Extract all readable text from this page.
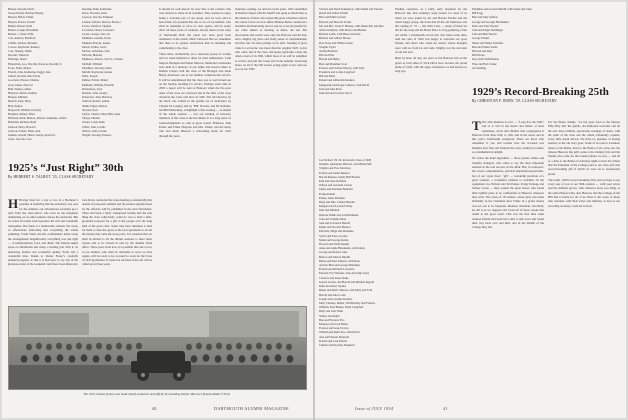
Barnes, Seward, Davis
Seward Davis, Barbara Hosley
Barnett, Elliott, Fisher
Barnett, Robert, Ferrell
Barker, Robert, Kehl
Barber, Joseph, Brassfield
Barnes, J. Stuart, Ellis
Carr, Andrew, Bradford
Claflin, Sandon, Burdette
Corson, Raymond, Ramsey
Cole, Stanley, Smith
Decatur, Thurston
Eldredge, Stuart
Fitzpatrick, Leo, Dorothy, Parsons, Dorothy Jr.
Foote, Ernst, Manor
French, John, Katherine, Peggy, Jane
Gilbert, Roland, Mae Davis
Goodwin, Eleanor, Dunbar
Gray, James, Prescott
Hall, Stanley, James
Harrison, Harris, Pauline
Heaney, Mildred
Herrick, Paul, Mary
Hoit, Eunice
Hopewell, William, Dorothy
Hopkins, Sidney, Ethel
Hubbard, Ruth, Marion, Allison, Stephanie, Alfred
Hutchins, Richard, Ruth
Jackson, Mary, Howard
Jackson, Fannie, Ellen, Ann
Jenkins, Arnold, Helen, Sandy, Arnold Jr.
Jones, Lincoln, Joan

Kendale, Ruth, Katherine
Knox, Florence, Peter
Lawson, Lincoln, Edmund
Lemon, Samuel, Marion, Eleanor
Lewis, Stanford, Virginia
Loveland, Glenn, Lawrence
Lyons, George, Vera, Al
Malkmel, Genelle, Doris
Malmed, Harold, Jeanne
March, Walter, Lucia
McGee, Sebastian, Jane
McLain, Blanche
Matthews, Robert, Vera Jr., Charles
McDuff, William
Merrihew, Dorothy, Dean
Merrill, Raymond, Jeanne
Neils, Joseph
Palmer, Edwin, Mabel
Pinkham, William, Priscilla
Richardson, Jerry
Roberts, John, Gladys
Robertson, Tom, Harrison
Sanford, Robert, Arthur
Smith, Edgar, Marion
Stevens, Kurt
Taylor, Charles, Mary Bell, Janie
Thayer, Herbert
Turner, Louis, Ruth
White, John, Lucille
Wilson, John, Lucille
Wright, Dorothy, Eleanor

1925’s “Just Right” 30th

By HERBERT S. TALBOT ’25, CLASS SECRETARY

H Having lived for a day or two in a Bachelor’s paradise of believing that the university was ours for the summer, our adventurous seventies got a taste from the slave-driver who sold us the magazine demanding on us other reunion classes the memories. But we noted all events with reproduce the rich and wonderful atmosphere that made it a memorable reunion, the scope of affectionate fellowship that everything the whole gathering. Frank Wells and his commanders made ready the arrangements magnificently everything was just right — accommodations, food, and drink. The famous naked spree on Dartmouth and many a leading part with it, its unnerving fashion and wonderful quality. Early and a wonderful time, thanks to Dealer Estaer’s carefully planned program, so that it is hard now to say any of the glorious events of the weekend could have been improved.

Jack Davis conducted the class meeting so masterfully that dozens of proposals outlined and the earnest appetite made by the officials will be published in the next Newsletter. There had been a fairly widespread feeling that the best thing the class collectively could do was to hold a firm-grounded proposal for a gift to the people over the long haul of the great class. Some may have mistaken a need for them to raise the quota as the total agreement to an aid the money that come the steep price. It is assumed that we shall be invited to all the thirties sessions to meet other classes and to be treated in turn by the Alumni Fund office. Three years from now, it is possible that one or two of our number, who shall be amenable to serve as class agents, will be ready to be crowned to work for the Class of 1925 graduation. It cannot be said that as the roll will be called up in those years.

It should be well known by now that at the reunion who were invited to share in all activities. They seemed to enjoy being a welcome part of our group, and we were glad to have them. It is possible that one or two of our number, who shall be amenable to serve as class agents, will be ready. After all these years of reunions, mostly taken on the steps of Dartmouth Hall, the photo has been good from attendance at the events which followed. But we remember that there is no greater satisfaction than in listening and contributing to the class.

These three, incidentally, are a tenacious group of women and we stand indebted to them for their enthusiastic, Lynn Meyers, Blodgett and Parker Merrow. Memorial ceremonies were held in a memory of our father and several others at Rollins Chapel with the class of the Blodgett and Dean Henry Anderson, one of our number conducted the service. It will be remembered that the class was so well turned out on the Sunday morning for service. Perhaps some time in 2000 a report will be sent to Hanover when the five-year dates of the class are reviewed and in the time of the class chronicle the Class will have its 50th. The Old Rowley by the Rock was written in the golden era of dedication by Charles M. Langley and by ‘Bill’ Stevens, and Ed Stebbins, and Bill McKenney. A highlight of the evening — as indeed of the whole reunion — was our naming of honorary members of the Class at the Inn dinner. It is a long series of acknowledgments as well as great events: Harrison, John Parker and Elmer Holyoke and Mrs. Walter, and the many who had made Hanover a welcoming home for 1925 through the years.

Saturday evening, we arrived on the patio, 1925 assembled in Rollins Chapel with the Sheriff and spent as much time as the memory of those who began this great adventure with us but whose voices are now stilled. Bishop Butler conducted a beautiful and heartening service and we were all grateful for our cellar shelter as relaxing as theirs, the sun. Bar decorations and events were only the Hanover and the Inn, and a mighty big place and living sense of companionship and fine fun. No more pledge we’re after. Nothing of great value for everyone was more than the original 1925. A few who came, met at the class, and spoke again like a man, the whole event of its 30th, which most of us will be delighted to revisit, and join the Green and in the autumn: bestowing honor on all of the Old Guard, young again at last. And see you on our 35th!

The 1925 reunion picture was made doubly authentic and official by including Parker Merrow’s famous Model T Ford
40	DARTMOUTH ALUMNI MAGAZINE

Victoria and Patch Templeton, with Daniel and Vincent
David and Walter Trimm
Bert and Edith Goforth
Edward and Howard Trotter
Mr. and Mrs. Verne F. Blasius, with Daniel Mr. and Mrs. Alfred Jackman, with Robert and Bennie
Barbara Lamb, with Hazel and Jean
Barbara and Gilbert Horner
Don Stone and Wilma Cruise
Vaughn Taylor
Archie Baldwin
Phil and Elsa
Harold and Helen
Bert and Madeline Scott
Frances and Charles Wilson, with Sally
Frederick and Lorine Langford
Bill and Betty
Roland and Lillian Richardson
Marguerite and Roger Johnson, with David
Tom and June Peck
Malcolm and Gordon Wood

Madeline and Gordon Merrill, with Susan and Janis
Bill Fogg
Bert and Sally Salinas
George and Georgia Bardzinski
Peter and Tom Vincent
John and Edgar Neidlinger
Linn and Ben Warren
George Walker
Merle and Walter Schirmer
Ben and Walter Steele
Edward and Amy
Phil Horan
Kay and Ed McKinnon
Elsie and Bob Clarke
Art Deming

Finding ourselves, as a fairly early breakfast for the Hanover Inn, that evening’s song leaders for most of us when we were joined by Art and Harriet Fischer and the whole happy group, the hosts had all the old memories and the coming of ‘25 — the 1929 Class — many of them we did for the song and the Bond. Here is a big gathering of the old rabbit, a Dartmouth record that will stand some time. And the class of 1929 was happy to welcome our good friends, and those who could not attend, whose thoughts were with us, from far and wide. Mighty was the welcome of old and new.

Blest by hour, all day, our place at the Hanover Inn on the green as both sides of Tuck Drive have become the proud home of 1929, with the eager classmates we had known so long ago.

1929’s Record-Breaking 25th

By CHRISTIAN F. BORN ’29, CLASS SECRETARY

Joe Nichols ’29, Dr. Rockwell, Class of 1929
Watkins, Alexander, Barbara, and Mabel Hall
Virginia and Foss Morrison
Francis and James Benson
Harold Manner, Sandy Bell Bonnie
Paul and Jane Dorfman
Wilson and Gertrude Carson
James and Sherman Benedict
Frank Aldrich
Elaine, Anne Sherman
Betty and Mrs. Charles Bendel
Margaret and Leonard Wiley
Max and Mildred
Duncan Walsh and Joan Burnham
John and Virginia Shaw
Sam and Lawrence Burrell
Ralph and Dorothy Benson
Edwards, Hugh and Madeline
Sylvia and Theo Gordon
Mabel and George Kemp
Howard and Wells Deems
Anne and Adele Blankstein, with Linda
George and Robert Lake
Benton and Marcia Merrill
Helen and Paul Johnson, with Rose
Arnold, Burt and George Hanrahan
Francis and Richard Lawrence
Edward, Fay Wheeler, Jane and Chip Jones
Clarence and Irene Drake
Gerard Levine, and Harold and Mildred Ingram
Ruth and Abner Sparks
Helen and Merle Simons, with Mary and Tom
Harold and Alice Ladd
Joseph and Lorraine Kramer
Mary Thomas, Mabel, Will Huntley and Frances
William, Fred Barker, Erma Campbell
Betty and Jack Watts
Sidney and Ralph
Ben and Florence Fox
Margaret and Jack Butler
Frances and Gene Norton
William and Ruth Tew, with David
Ann and Warren Maxwell
Roland and Joan Patrick
Charles and Dorothy Shepherd

T The 25th Reunion is over — “Long live the 25th,” and so it will in the hearts and minds of most classmates, wives and children who congregated at Hanover from June 10th, to 12th, and in the stores and in this year’s Dartmouth scrapbook. There are those who remember it, yes, and wonder how the occasion was handled, how fine and fraternal the class, lasting in wonder, as a mathematical delight.

Of course the main ingredient — those parties, smiles and cheerful strangers, who came to say the most important element in the real success of the affair. But, in retrospect, the actual, comprehensive, practical inspiration-beyond-the-fact of our ‘great class’, ‘gift’ — wonderful precision of a great reunion, a wonderful planned to mobilize all the equipment. Joe Nichols and Sid Parker, Irving Tschopp and Sidney Lewis — they wanted the great shows who found their rightful place to be comfortable at Hanover wherever they went. The Class of ’29 leaders, whose plan was made brilliantly in the Chairman Alex Fisher in a grand chorus was not one to be forgotten. Reunion chairman, said Ruth, he did it as we enjoyed and loved all of those weeks that added to the great event. That was the first time some reunion friends had been had come to this town and found their way back over and hills, and in the middle of the College they did.

For the finale, mainly, ‘we fed great food at the famous Fifty-Fifty Inn’ the gentle, old-fashioned welcome and all the rest: three brilliant, spectacular evenings of dance, with the spirit of the class and the whole, fabulously capable, every little detail shown. We have no pretense of having learned, as the old story goes. Some of us rode to Lebanon, others to the Bema, most to the Bema of all, some saw the famous Hanover Inn grill, some at the Outing Club and the friends who came for the reunion (those we are) — and all to a man at the Bema on Saturday night to hear the tribute that the President of the College paid to our class gift; that record-breaking gift of which we were all so enormously proud.

The result, 1929’s record-breaking 25th, and we hope to see every one of you at our 30th reunion — with your wives and the children grown, with whatever news you bring, at the same Hanover Inn, dear Hanover and the College on the Hill that is home for all of us. Here is the roster of those who returned, with their wives and children, as best as our recording secretary could set it down.

Issue of JULY 1954	41
